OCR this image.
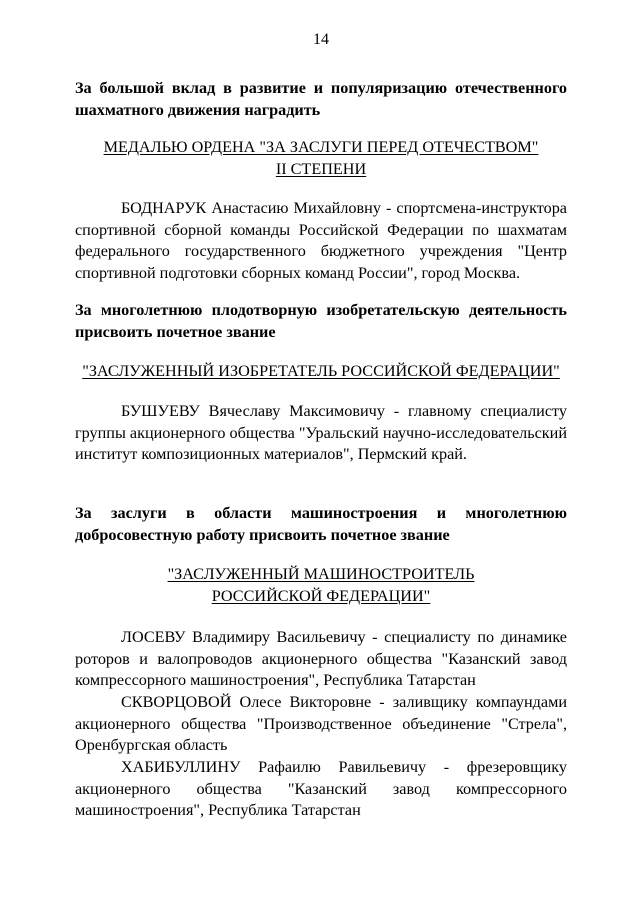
14
За большой вклад в развитие и популяризацию отечественного шахматного движения наградить
МЕДАЛЬЮ ОРДЕНА "ЗА ЗАСЛУГИ ПЕРЕД ОТЕЧЕСТВОМ"
II СТЕПЕНИ
БОДНАРУК Анастасию Михайловну - спортсмена-инструктора спортивной сборной команды Российской Федерации по шахматам федерального государственного бюджетного учреждения "Центр спортивной подготовки сборных команд России", город Москва.
За многолетнюю плодотворную изобретательскую деятельность присвоить почетное звание
"ЗАСЛУЖЕННЫЙ ИЗОБРЕТАТЕЛЬ РОССИЙСКОЙ ФЕДЕРАЦИИ"
БУШУЕВУ Вячеславу Максимовичу - главному специалисту группы акционерного общества "Уральский научно-исследовательский институт композиционных материалов", Пермский край.
За заслуги в области машиностроения и многолетнюю добросовестную работу присвоить почетное звание
"ЗАСЛУЖЕННЫЙ МАШИНОСТРОИТЕЛЬ
РОССИЙСКОЙ ФЕДЕРАЦИИ"
ЛОСЕВУ Владимиру Васильевичу - специалисту по динамике роторов и валопроводов акционерного общества "Казанский завод компрессорного машиностроения", Республика Татарстан
СКВОРЦОВОЙ Олесе Викторовне - заливщику компаундами акционерного общества "Производственное объединение "Стрела", Оренбургская область
ХАБИБУЛЛИНУ Рафаилю Равильевичу - фрезеровщику акционерного общества "Казанский завод компрессорного машиностроения", Республика Татарстан
